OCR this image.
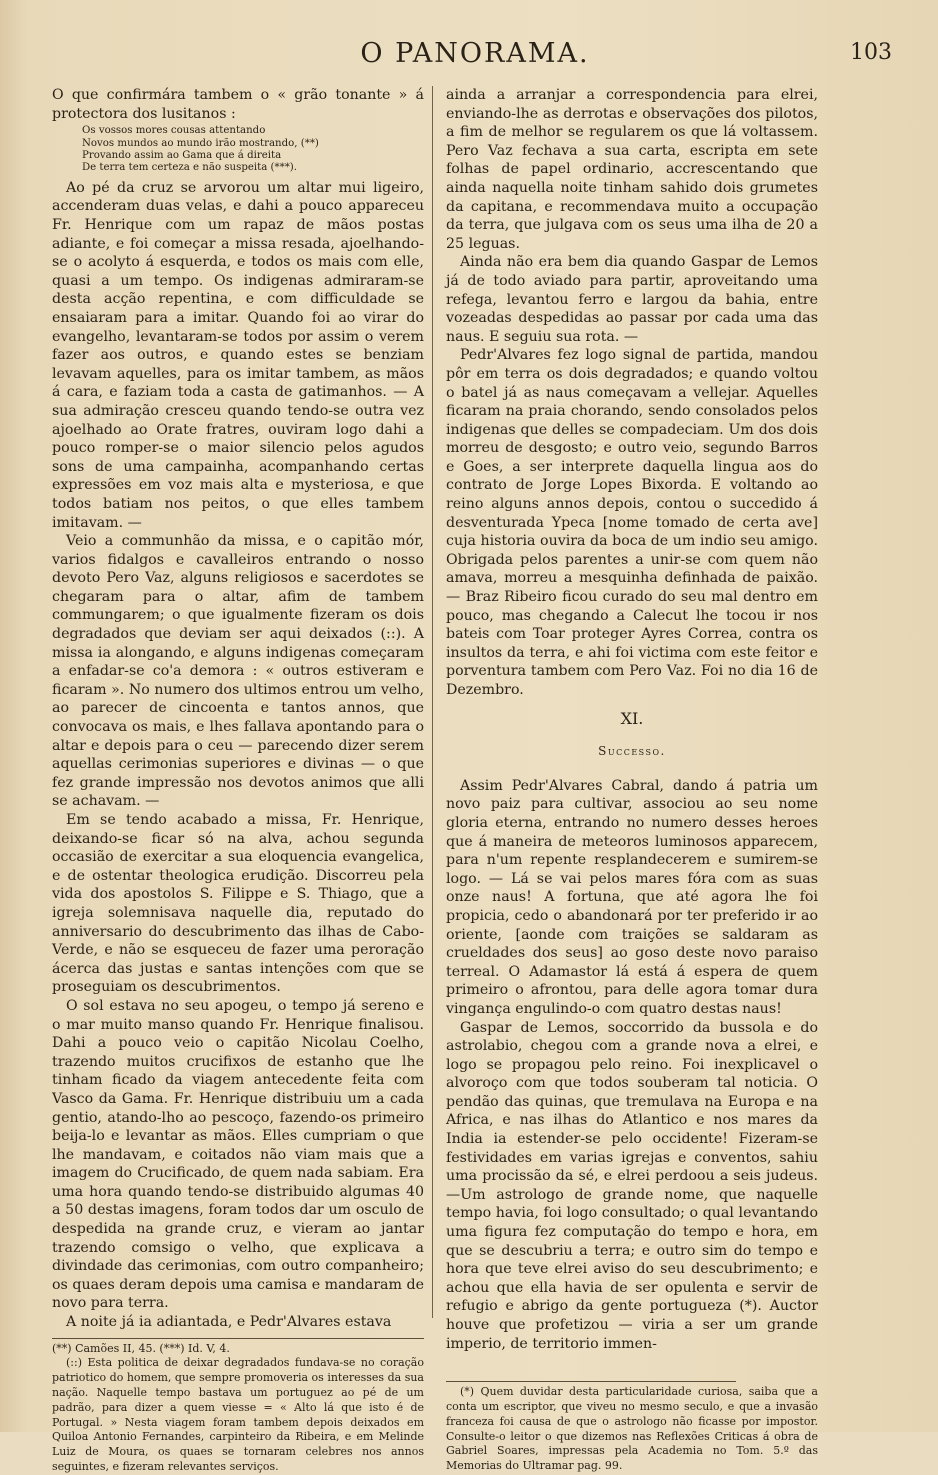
O PANORAMA.	103

O que confirmára tambem o « grão tonante » á protectora dos lusitanos :

Os vossos mores cousas attentando
Novos mundos ao mundo irão mostrando, (**)
Provando assim ao Gama que á direita
De terra tem certeza e não suspeita (***).

Ao pé da cruz se arvorou um altar mui ligeiro, accenderam duas velas, e dahi a pouco appareceu Fr. Henrique com um rapaz de mãos postas adiante, e foi começar a missa resada, ajoelhando-se o acolyto á esquerda, e todos os mais com elle, quasi a um tempo. Os indigenas admiraram-se desta acção repentina, e com difficuldade se ensaiaram para a imitar. Quando foi ao virar do evangelho, levantaram-se todos por assim o verem fazer aos outros, e quando estes se benziam levavam aquelles, para os imitar tambem, as mãos á cara, e faziam toda a casta de gatimanhos. — A sua admiração cresceu quando tendo-se outra vez ajoelhado ao Orate fratres, ouviram logo dahi a pouco romper-se o maior silencio pelos agudos sons de uma campainha, acompanhando certas expressões em voz mais alta e mysteriosa, e que todos batiam nos peitos, o que elles tambem imitavam. —

Veio a communhão da missa, e o capitão mór, varios fidalgos e cavalleiros entrando o nosso devoto Pero Vaz, alguns religiosos e sacerdotes se chegaram para o altar, afim de tambem commungarem; o que igualmente fizeram os dois degradados que deviam ser aqui deixados (::). A missa ia alongando, e alguns indigenas começaram a enfadar-se co'a demora : « outros estiveram e ficaram ». No numero dos ultimos entrou um velho, ao parecer de cincoenta e tantos annos, que convocava os mais, e lhes fallava apontando para o altar e depois para o ceu — parecendo dizer serem aquellas cerimonias superiores e divinas — o que fez grande impressão nos devotos animos que alli se achavam. —

Em se tendo acabado a missa, Fr. Henrique, deixando-se ficar só na alva, achou segunda occasião de exercitar a sua eloquencia evangelica, e de ostentar theologica erudição. Discorreu pela vida dos apostolos S. Filippe e S. Thiago, que a igreja solemnisava naquelle dia, reputado do anniversario do descubrimento das ilhas de Cabo-Verde, e não se esqueceu de fazer uma peroração ácerca das justas e santas intenções com que se proseguiam os descubrimentos.

O sol estava no seu apogeu, o tempo já sereno e o mar muito manso quando Fr. Henrique finalisou. Dahi a pouco veio o capitão Nicolau Coelho, trazendo muitos crucifixos de estanho que lhe tinham ficado da viagem antecedente feita com Vasco da Gama. Fr. Henrique distribuiu um a cada gentio, atando-lho ao pescoço, fazendo-os primeiro beija-lo e levantar as mãos. Elles cumpriam o que lhe mandavam, e coitados não viam mais que a imagem do Crucificado, de quem nada sabiam. Era uma hora quando tendo-se distribuido algumas 40 a 50 destas imagens, foram todos dar um osculo de despedida na grande cruz, e vieram ao jantar trazendo comsigo o velho, que explicava a divindade das cerimonias, com outro companheiro; os quaes deram depois uma camisa e mandaram de novo para terra.

A noite já ia adiantada, e Pedr'Alvares estava

(**) Camões II, 45. (***) Id. V, 4.

(::) Esta politica de deixar degradados fundava-se no coração patriotico do homem, que sempre promoveria os interesses da sua nação. Naquelle tempo bastava um portuguez ao pé de um padrão, para dizer a quem viesse = « Alto lá que isto é de Portugal. » Nesta viagem foram tambem depois deixados em Quiloa Antonio Fernandes, carpinteiro da Ribeira, e em Melinde Luiz de Moura, os quaes se tornaram celebres nos annos seguintes, e fizeram relevantes serviços.

ainda a arranjar a correspondencia para elrei, enviando-lhe as derrotas e observações dos pilotos, a fim de melhor se regularem os que lá voltassem. Pero Vaz fechava a sua carta, escripta em sete folhas de papel ordinario, accrescentando que ainda naquella noite tinham sahido dois grumetes da capitana, e recommendava muito a occupação da terra, que julgava com os seus uma ilha de 20 a 25 leguas.

Ainda não era bem dia quando Gaspar de Lemos já de todo aviado para partir, aproveitando uma refega, levantou ferro e largou da bahia, entre vozeadas despedidas ao passar por cada uma das naus. E seguiu sua rota. —

Pedr'Alvares fez logo signal de partida, mandou pôr em terra os dois degradados; e quando voltou o batel já as naus começavam a vellejar. Aquelles ficaram na praia chorando, sendo consolados pelos indigenas que delles se compadeciam. Um dos dois morreu de desgosto; e outro veio, segundo Barros e Goes, a ser interprete daquella lingua aos do contrato de Jorge Lopes Bixorda. E voltando ao reino alguns annos depois, contou o succedido á desventurada Ypeca [nome tomado de certa ave] cuja historia ouvira da boca de um indio seu amigo. Obrigada pelos parentes a unir-se com quem não amava, morreu a mesquinha definhada de paixão. — Braz Ribeiro ficou curado do seu mal dentro em pouco, mas chegando a Calecut lhe tocou ir nos bateis com Toar proteger Ayres Correa, contra os insultos da terra, e ahi foi victima com este feitor e porventura tambem com Pero Vaz. Foi no dia 16 de Dezembro.

XI.
Successo.

Assim Pedr'Alvares Cabral, dando á patria um novo paiz para cultivar, associou ao seu nome gloria eterna, entrando no numero desses heroes que á maneira de meteoros luminosos apparecem, para n'um repente resplandecerem e sumirem-se logo. — Lá se vai pelos mares fóra com as suas onze naus! A fortuna, que até agora lhe foi propicia, cedo o abandonará por ter preferido ir ao oriente, [aonde com traições se saldaram as crueldades dos seus] ao goso deste novo paraiso terreal. O Adamastor lá está á espera de quem primeiro o afrontou, para delle agora tomar dura vingança engulindo-o com quatro destas naus!

Gaspar de Lemos, soccorrido da bussola e do astrolabio, chegou com a grande nova a elrei, e logo se propagou pelo reino. Foi inexplicavel o alvoroço com que todos souberam tal noticia. O pendão das quinas, que tremulava na Europa e na Africa, e nas ilhas do Atlantico e nos mares da India ia estender-se pelo occidente! Fizeram-se festividades em varias igrejas e conventos, sahiu uma procissão da sé, e elrei perdoou a seis judeus.—Um astrologo de grande nome, que naquelle tempo havia, foi logo consultado; o qual levantando uma figura fez computação do tempo e hora, em que se descubriu a terra; e outro sim do tempo e hora que teve elrei aviso do seu descubrimento; e achou que ella havia de ser opulenta e servir de refugio e abrigo da gente portugueza (*). Auctor houve que profetizou — viria a ser um grande imperio, de territorio immen-

(*) Quem duvidar desta particularidade curiosa, saiba que a conta um escriptor, que viveu no mesmo seculo, e que a invasão franceza foi causa de que o astrologo não ficasse por impostor. Consulte-o leitor o que dizemos nas Reflexões Criticas á obra de Gabriel Soares, impressas pela Academia no Tom. 5.º das Memorias do Ultramar pag. 99.
